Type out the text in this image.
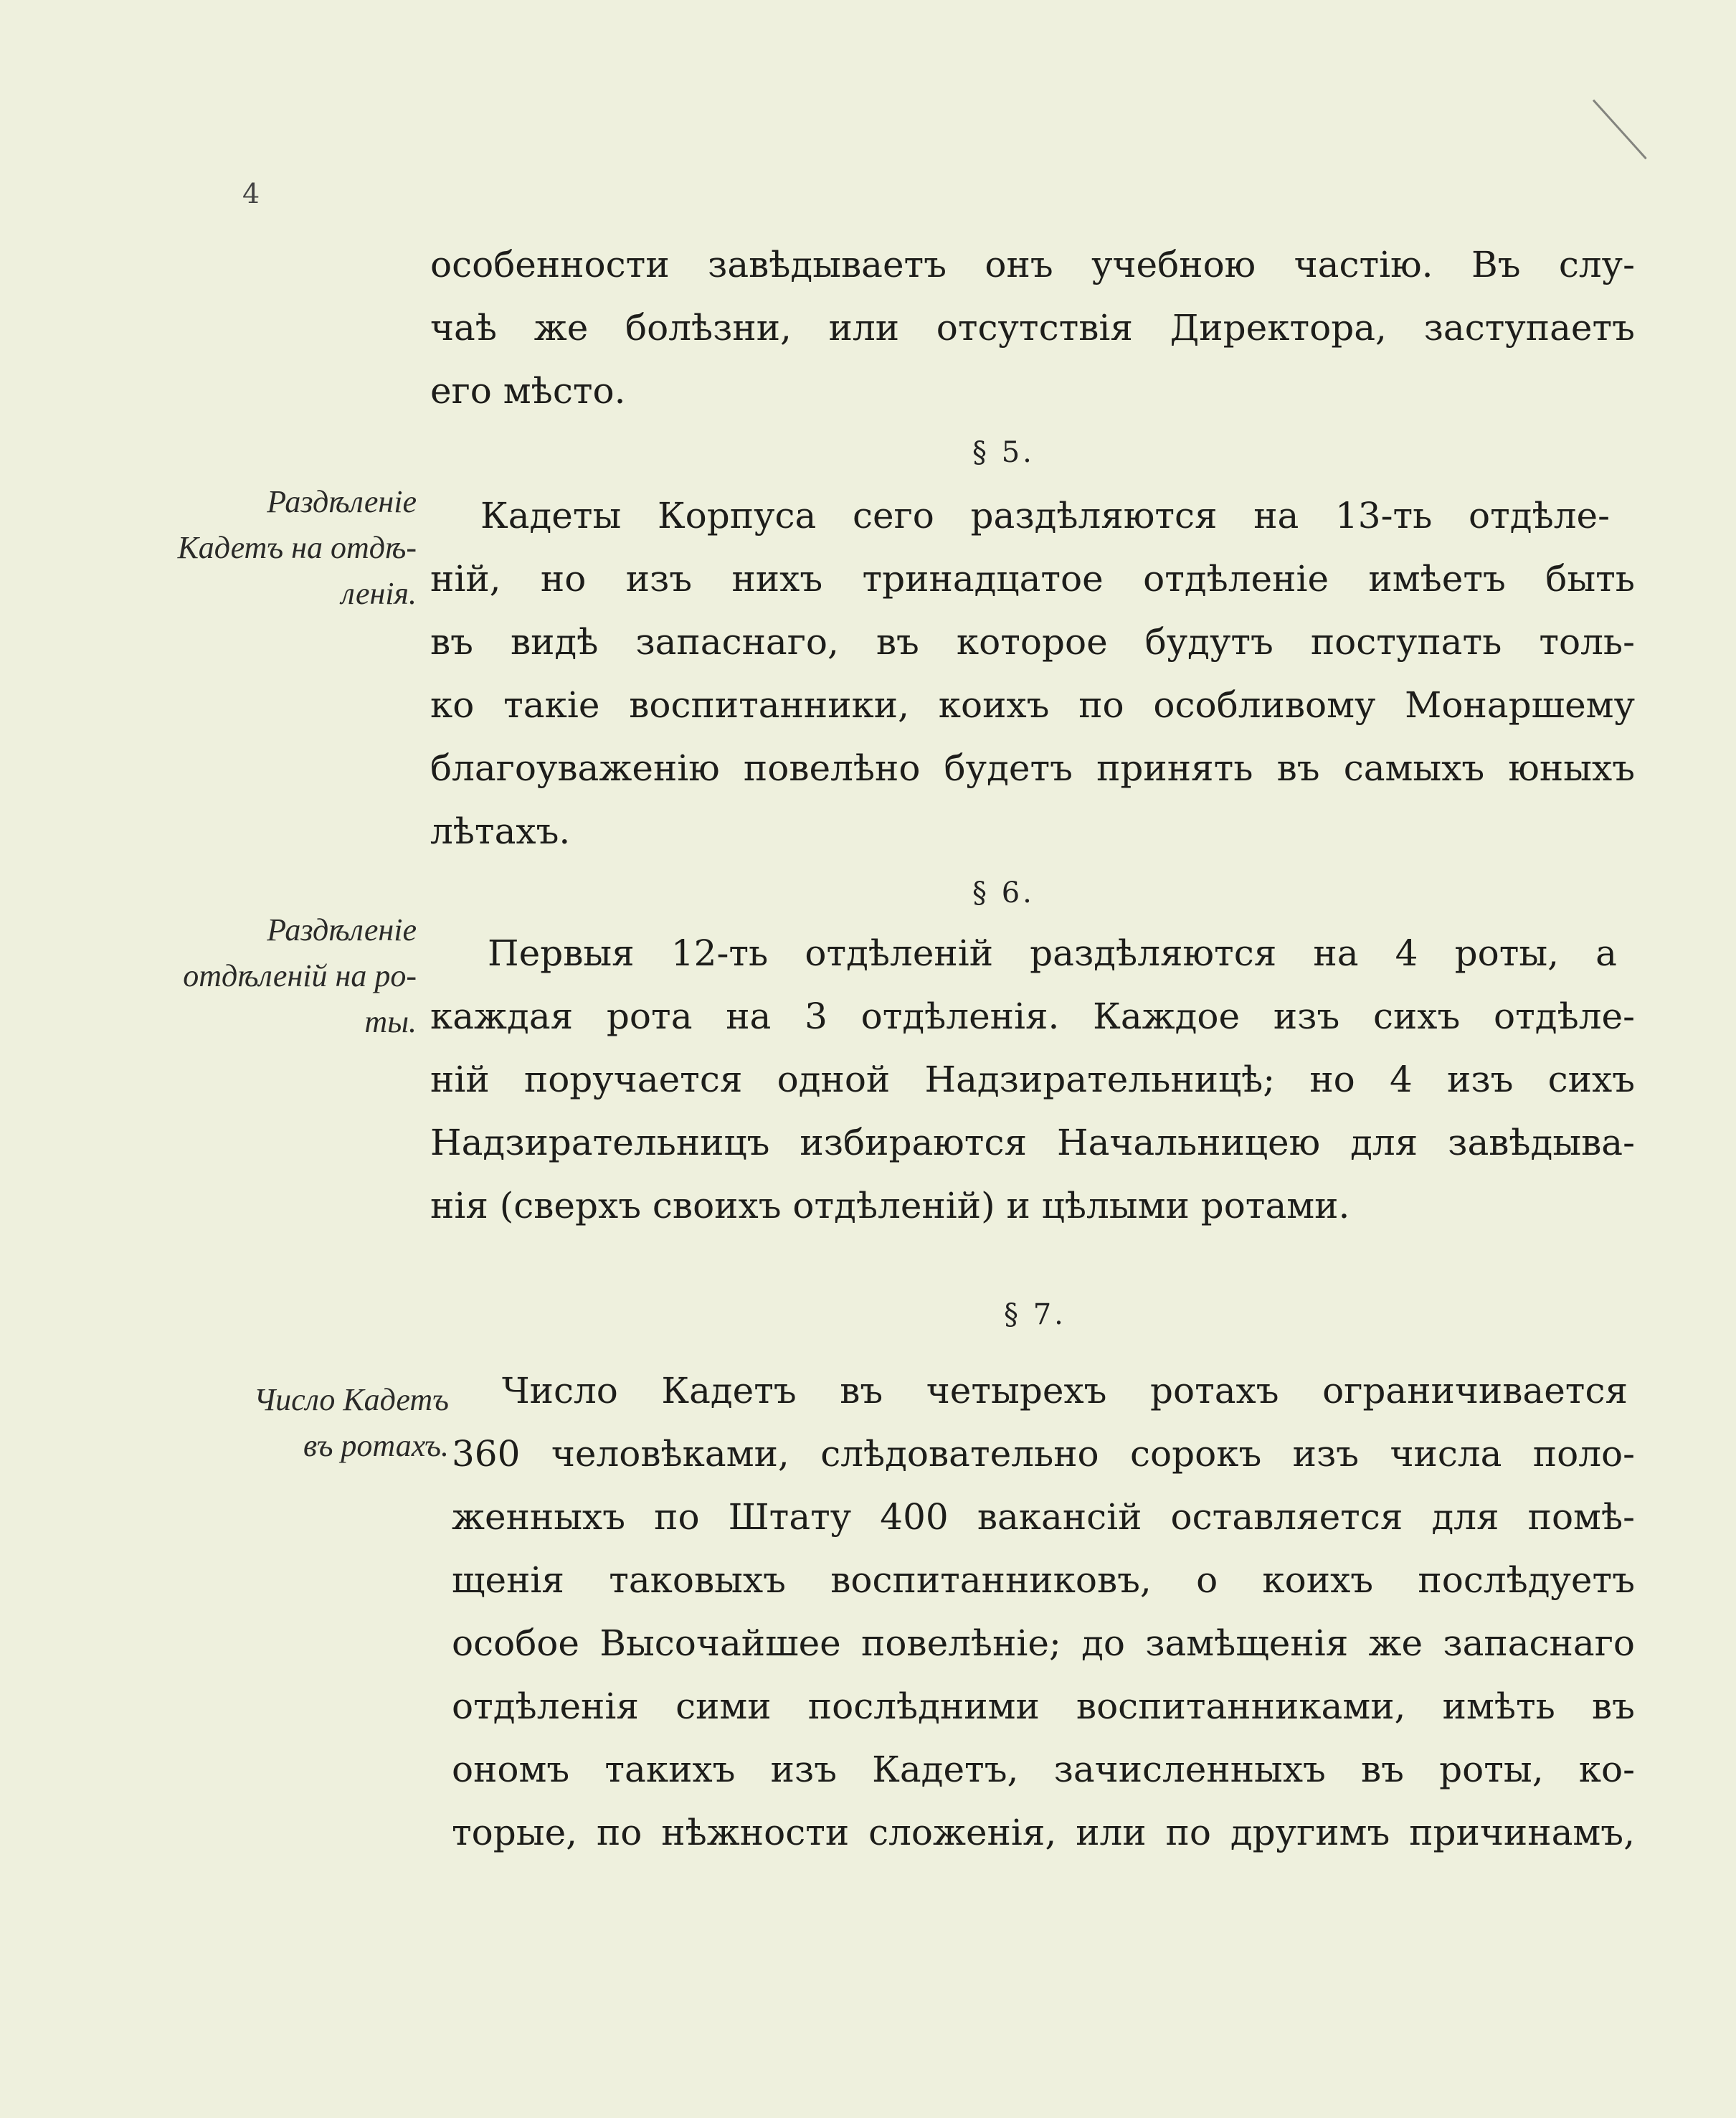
4
особенности завѣдываетъ онъ учебною частію. Въ слу-
чаѣ же болѣзни, или отсутствія Директора, заступаетъ
его мѣсто.
§ 5.
Раздѣленіе
Кадетъ на отдѣ-
ленія.
Кадеты Корпуса сего раздѣляются на 13-ть отдѣле-
ній, но изъ нихъ тринадцатое отдѣленіе имѣетъ быть
въ видѣ запаснаго, въ которое будутъ поступать толь-
ко такіе воспитанники, коихъ по особливому Монаршему
благоуваженію повелѣно будетъ принять въ самыхъ юныхъ
лѣтахъ.
§ 6.
Раздѣленіе
отдѣленій на ро-
ты.
Первыя 12-ть отдѣленій раздѣляются на 4 роты, а
каждая рота на 3 отдѣленія. Каждое изъ сихъ отдѣле-
ній поручается одной Надзирательницѣ; но 4 изъ сихъ
Надзирательницъ избираются Начальницею для завѣдыва-
нія (сверхъ своихъ отдѣленій) и цѣлыми ротами.
§ 7.
Число Кадетъ
въ ротахъ.
Число Кадетъ въ четырехъ ротахъ ограничивается
360 человѣками, слѣдовательно сорокъ изъ числа поло-
женныхъ по Штату 400 вакансій оставляется для помѣ-
щенія таковыхъ воспитанниковъ, о коихъ послѣдуетъ
особое Высочайшее повелѣніе; до замѣщенія же запаснаго
отдѣленія сими послѣдними воспитанниками, имѣть въ
ономъ такихъ изъ Кадетъ, зачисленныхъ въ роты, ко-
торые, по нѣжности сложенія, или по другимъ причинамъ,
